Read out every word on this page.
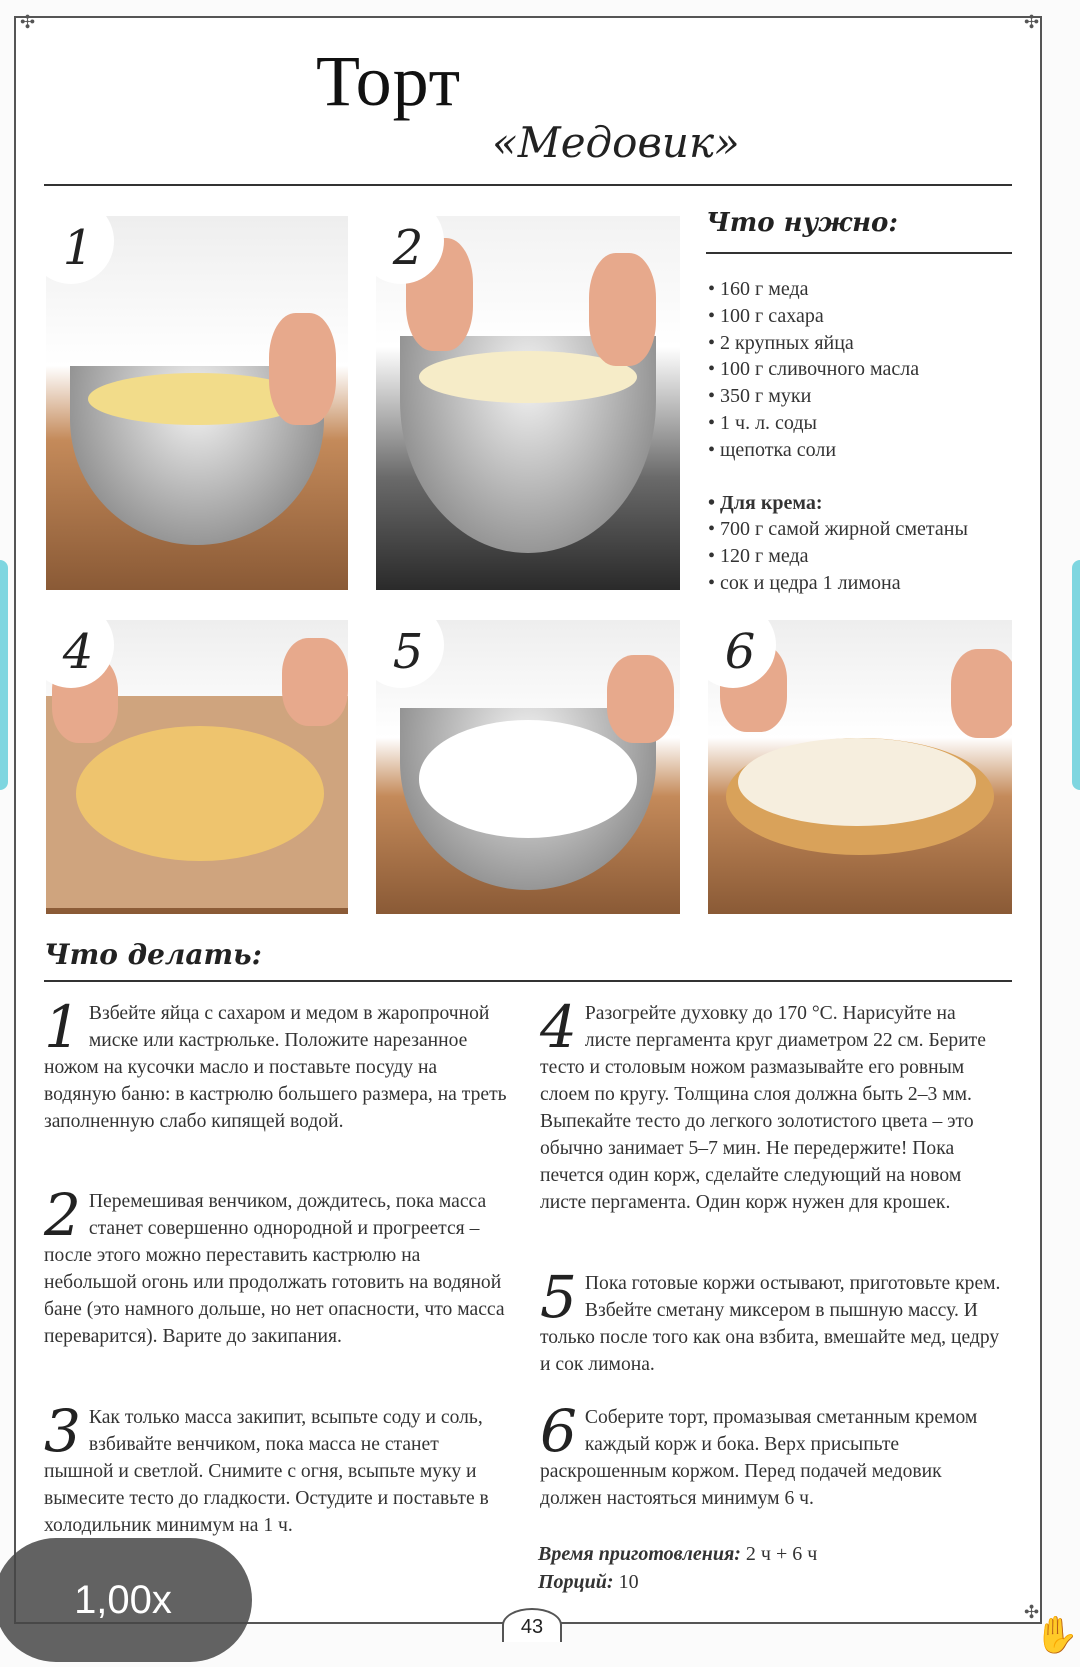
✣	✣
✣
Торт
«Медовик»
1	2
4	5	6
Что нужно:
• 160 г меда
• 100 г сахара
• 2 крупных яйца
• 100 г сливочного масла
• 350 г муки
• 1 ч. л. соды
• щепотка соли
• Для крема:
• 700 г самой жирной сметаны
• 120 г меда
• сок и цедра 1 лимона
Что делать:
1 Взбейте яйца с сахаром и медом в жаропрочной миске или кастрюльке. Положите нарезанное ножом на кусочки масло и поставьте посуду на водяную баню: в кастрюлю большего размера, на треть заполненную слабо кипящей водой.
2 Перемешивая венчиком, дождитесь, пока масса станет совершенно однородной и прогреется – после этого можно переставить кастрюлю на небольшой огонь или продолжать готовить на водяной бане (это намного дольше, но нет опасности, что масса переварится). Варите до закипания.
3 Как только масса закипит, всыпьте соду и соль, взбивайте венчиком, пока масса не станет пышной и светлой. Снимите с огня, всыпьте муку и вымесите тесто до гладкости. Остудите и поставьте в холодильник минимум на 1 ч.
4 Разогрейте духовку до 170 °С. Нарисуйте на листе пергамента круг диаметром 22 см. Берите тесто и столовым ножом размазывайте его ровным слоем по кругу. Толщина слоя должна быть 2–3 мм. Выпекайте тесто до легкого золотистого цвета – это обычно занимает 5–7 мин. Не передержите! Пока печется один корж, сделайте следующий на новом листе пергамента. Один корж нужен для крошек.
5 Пока готовые коржи остывают, приготовьте крем. Взбейте сметану миксером в пышную массу. И только после того как она взбита, вмешайте мед, цедру и сок лимона.
6 Соберите торт, промазывая сметанным кремом каждый корж и бока. Верх присыпьте раскрошенным коржом. Перед подачей медовик должен настояться минимум 6 ч.
Время приготовления: 2 ч + 6 ч
Порций: 10
43
1,00x
✋
